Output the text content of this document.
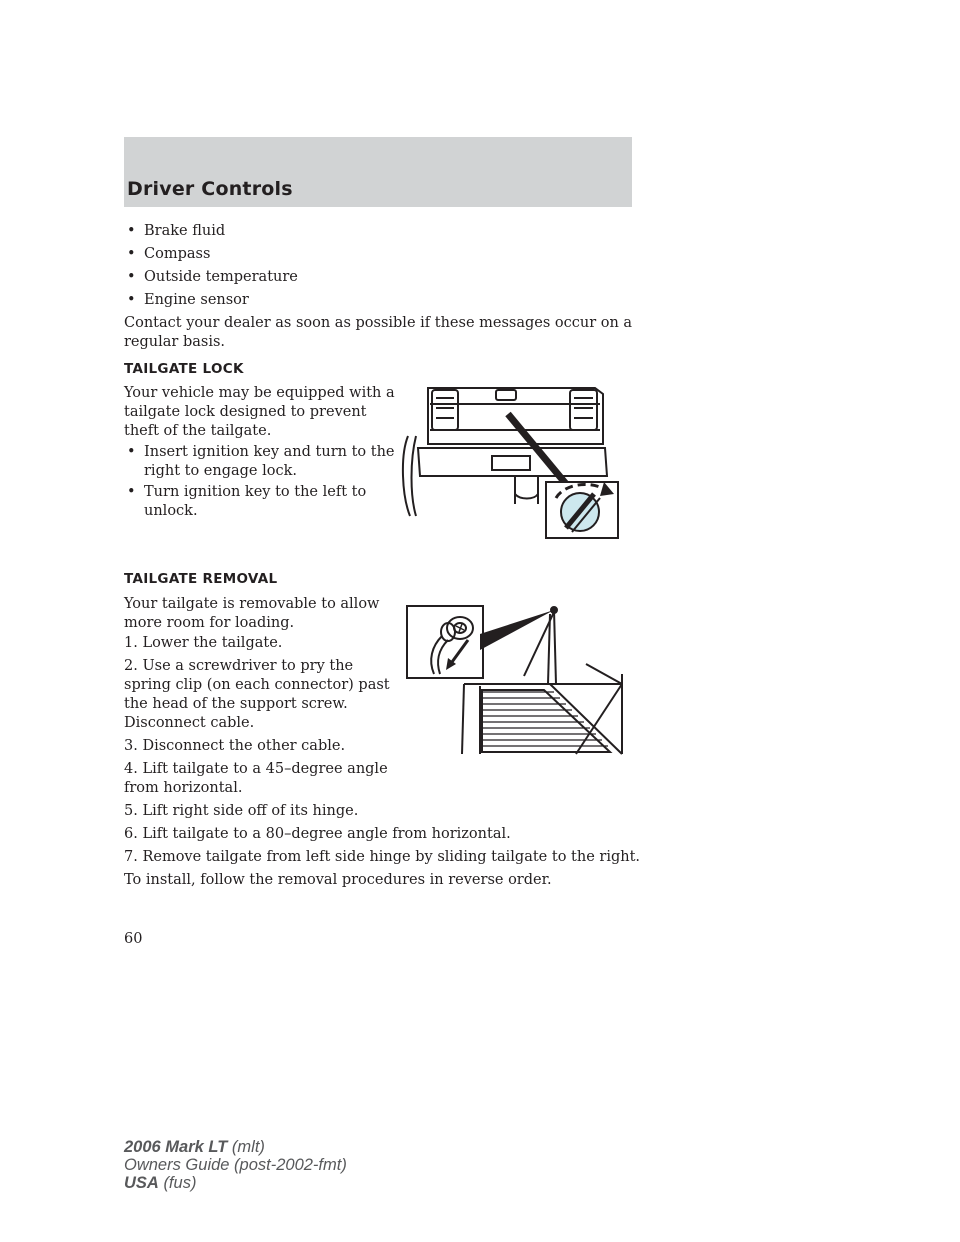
Driver Controls
• Brake fluid
• Compass
• Outside temperature
• Engine sensor
Contact your dealer as soon as possible if these messages occur on a
regular basis.
TAILGATE LOCK
Your vehicle may be equipped with a
tailgate lock designed to prevent
theft of the tailgate.
• Insert ignition key and turn to the
right to engage lock.
• Turn ignition key to the left to
unlock.
TAILGATE REMOVAL
Your tailgate is removable to allow
more room for loading.
1. Lower the tailgate.
2. Use a screwdriver to pry the
spring clip (on each connector) past
the head of the support screw.
Disconnect cable.
3. Disconnect the other cable.
4. Lift tailgate to a 45–degree angle
from horizontal.
5. Lift right side off of its hinge.
6. Lift tailgate to a 80–degree angle from horizontal.
7. Remove tailgate from left side hinge by sliding tailgate to the right.
To install, follow the removal procedures in reverse order.
60
2006 Mark LT (mlt)
Owners Guide (post-2002-fmt)
USA (fus)
